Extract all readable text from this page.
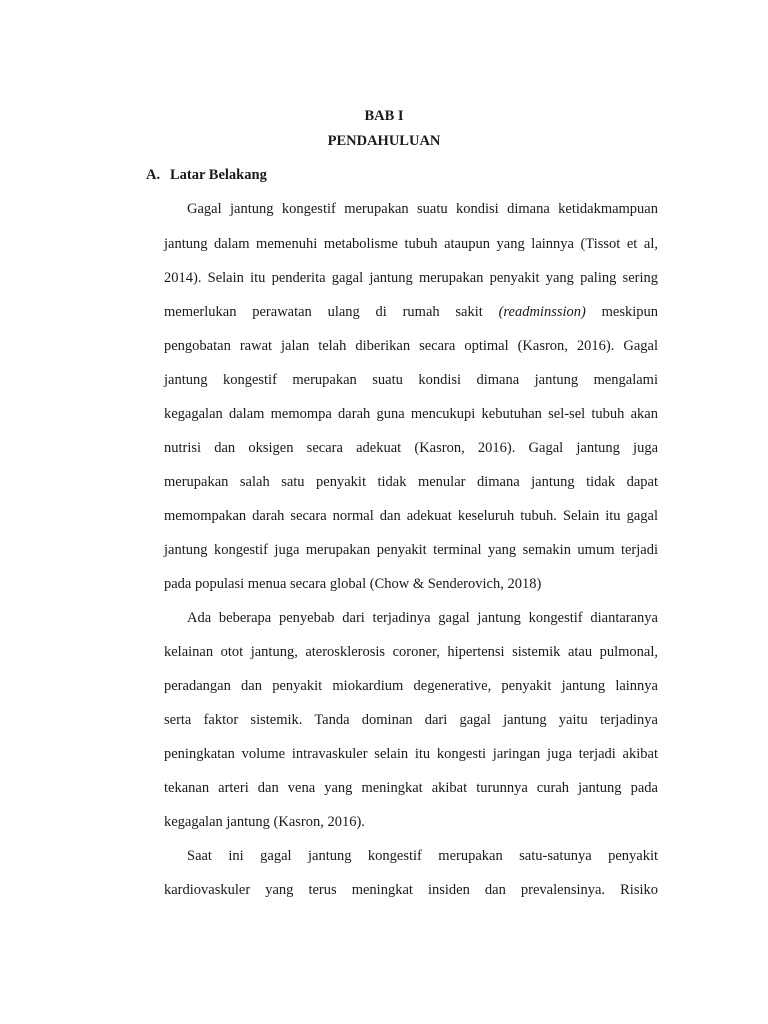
BAB I
PENDAHULUAN
A. Latar Belakang
Gagal jantung kongestif merupakan suatu kondisi dimana ketidakmampuan
jantung dalam memenuhi metabolisme tubuh ataupun yang lainnya (Tissot et al,
2014). Selain itu penderita gagal jantung merupakan penyakit yang paling sering
memerlukan perawatan ulang di rumah sakit (readminssion) meskipun
pengobatan rawat jalan telah diberikan secara optimal (Kasron, 2016). Gagal
jantung kongestif merupakan suatu kondisi dimana jantung mengalami
kegagalan dalam memompa darah guna mencukupi kebutuhan sel-sel tubuh akan
nutrisi dan oksigen secara adekuat (Kasron, 2016). Gagal jantung juga
merupakan salah satu penyakit tidak menular dimana jantung tidak dapat
memompakan darah secara normal dan adekuat keseluruh tubuh. Selain itu gagal
jantung kongestif juga merupakan penyakit terminal yang semakin umum terjadi
pada populasi menua secara global (Chow & Senderovich, 2018)
Ada beberapa penyebab dari terjadinya gagal jantung kongestif diantaranya
kelainan otot jantung, aterosklerosis coroner, hipertensi sistemik atau pulmonal,
peradangan dan penyakit miokardium degenerative, penyakit jantung lainnya
serta faktor sistemik. Tanda dominan dari gagal jantung yaitu terjadinya
peningkatan volume intravaskuler selain itu kongesti jaringan juga terjadi akibat
tekanan arteri dan vena yang meningkat akibat turunnya curah jantung pada
kegagalan jantung (Kasron, 2016).
Saat ini gagal jantung kongestif merupakan satu-satunya penyakit
kardiovaskuler yang terus meningkat insiden dan prevalensinya. Risiko
